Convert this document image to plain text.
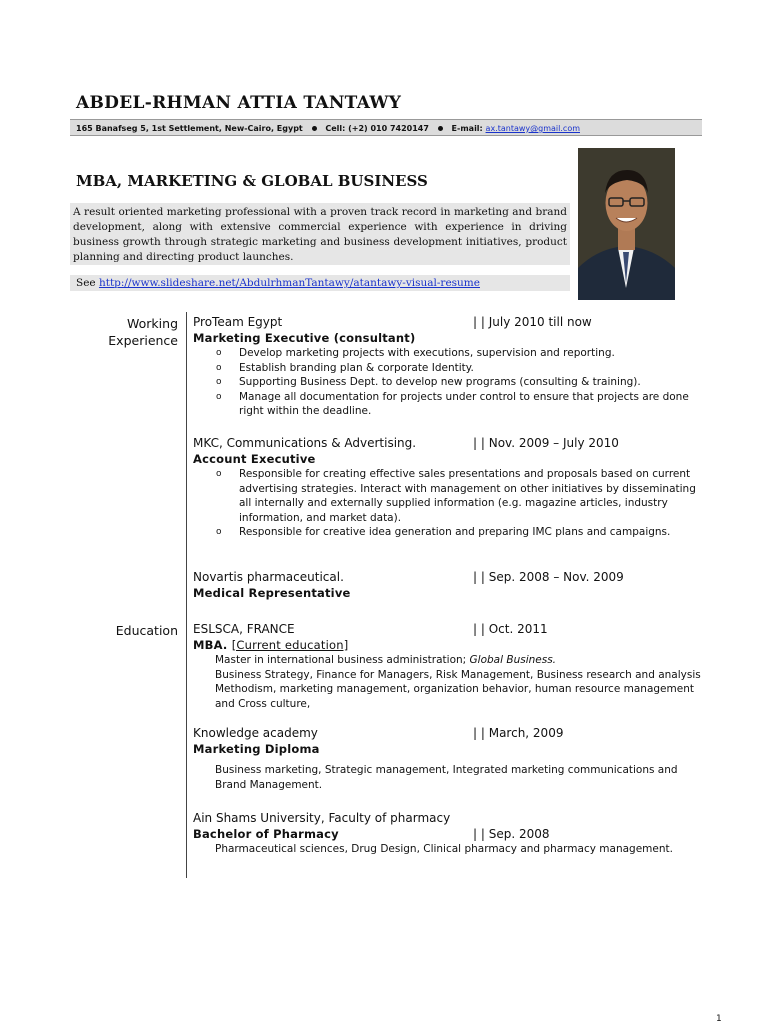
ABDEL-RHMAN ATTIA TANTAWY
165 Banafseg 5, 1st Settlement, New-Cairo, Egypt	Cell: (+2) 010 7420147	E-mail: ax.tantawy@gmail.com
MBA, MARKETING & GLOBAL BUSINESS
A result oriented marketing professional with a proven track record in marketing and brand development, along with extensive commercial experience with experience in driving business growth through strategic marketing and business development initiatives, product planning and directing product launches.
See http://www.slideshare.net/AbdulrhmanTantawy/atantawy-visual-resume
Working
Experience
Education
ProTeam Egypt	| | July 2010 till now
Marketing Executive (consultant)
o Develop marketing projects with executions, supervision and reporting.
o Establish branding plan & corporate Identity.
o Supporting Business Dept. to develop new programs (consulting & training).
o Manage all documentation for projects under control to ensure that projects are done right within the deadline.
MKC, Communications & Advertising.	| | Nov. 2009 – July 2010
Account Executive
o Responsible for creating effective sales presentations and proposals based on current advertising strategies. Interact with management on other initiatives by disseminating all internally and externally supplied information (e.g. magazine articles, industry information, and market data).
o Responsible for creative idea generation and preparing IMC plans and campaigns.
Novartis pharmaceutical.	| | Sep. 2008 – Nov. 2009
Medical Representative
ESLSCA, FRANCE	| | Oct. 2011
MBA. [Current education]
Master in international business administration; Global Business.
Business Strategy, Finance for Managers, Risk Management, Business research and analysis Methodism, marketing management, organization behavior, human resource management and Cross culture,
Knowledge academy	| | March, 2009
Marketing Diploma
Business marketing, Strategic management, Integrated marketing communications and Brand Management.
Ain Shams University, Faculty of pharmacy
Bachelor of Pharmacy	| | Sep. 2008
Pharmaceutical sciences, Drug Design, Clinical pharmacy and pharmacy management.
1
